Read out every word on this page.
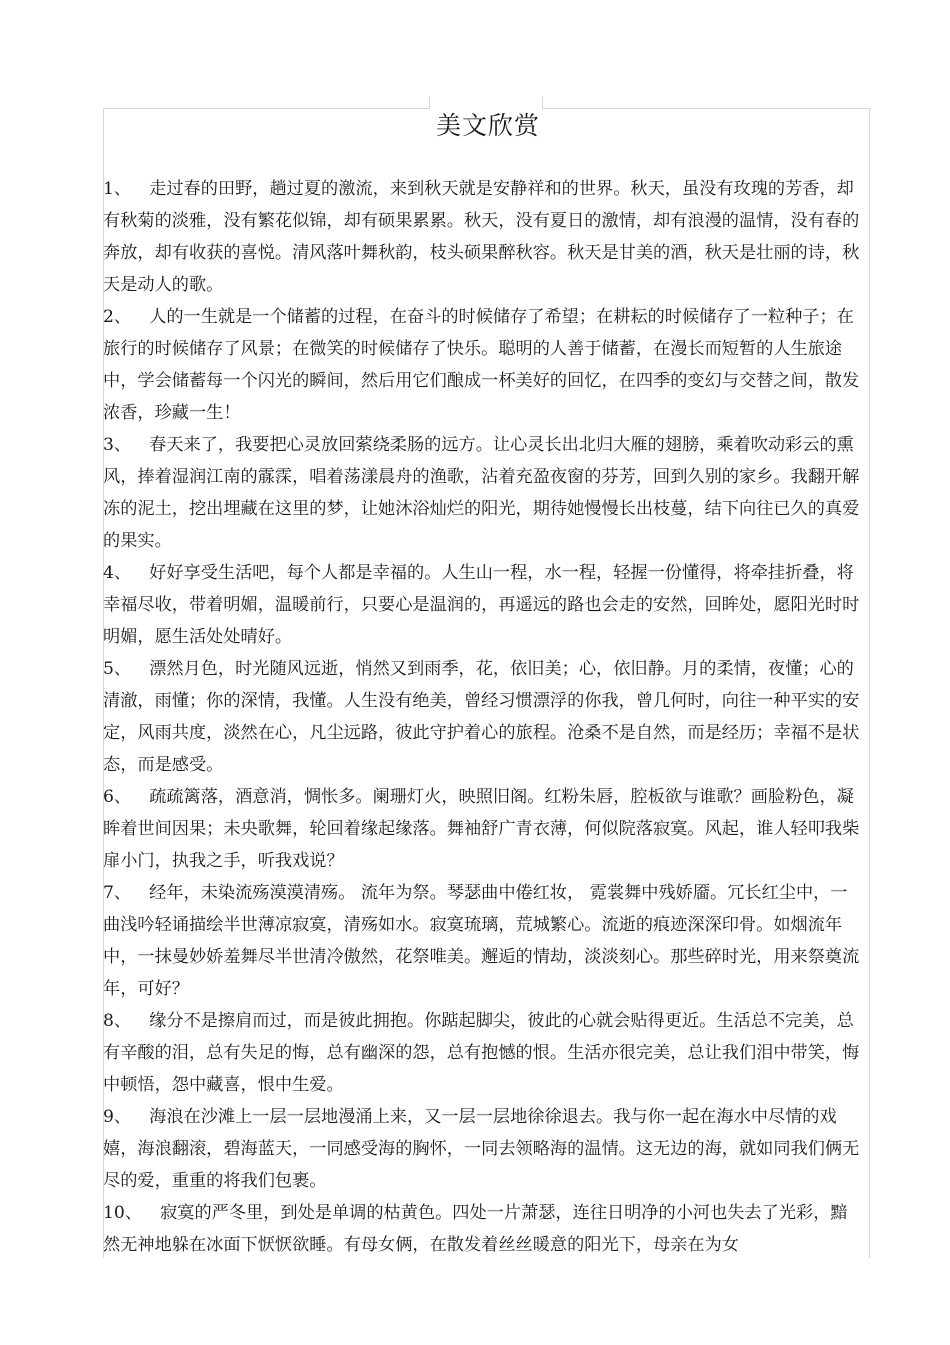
美文欣赏

1、 走过春的田野，趟过夏的激流，来到秋天就是安静祥和的世界。秋天，虽没有玫瑰的芳香，却有秋菊的淡雅，没有繁花似锦，却有硕果累累。秋天，没有夏日的激情，却有浪漫的温情，没有春的奔放，却有收获的喜悦。清风落叶舞秋韵，枝头硕果醉秋容。秋天是甘美的酒，秋天是壮丽的诗，秋天是动人的歌。

2、 人的一生就是一个储蓄的过程，在奋斗的时候储存了希望；在耕耘的时候储存了一粒种子；在旅行的时候储存了风景；在微笑的时候储存了快乐。聪明的人善于储蓄，在漫长而短暂的人生旅途中，学会储蓄每一个闪光的瞬间，然后用它们酿成一杯美好的回忆，在四季的变幻与交替之间，散发浓香，珍藏一生！

3、 春天来了，我要把心灵放回萦绕柔肠的远方。让心灵长出北归大雁的翅膀，乘着吹动彩云的熏风，捧着湿润江南的霡霂，唱着荡漾晨舟的渔歌，沾着充盈夜窗的芬芳，回到久别的家乡。我翻开解冻的泥土，挖出埋藏在这里的梦，让她沐浴灿烂的阳光，期待她慢慢长出枝蔓，结下向往已久的真爱的果实。

4、 好好享受生活吧，每个人都是幸福的。人生山一程，水一程，轻握一份懂得，将牵挂折叠，将幸福尽收，带着明媚，温暖前行，只要心是温润的，再遥远的路也会走的安然，回眸处，愿阳光时时明媚，愿生活处处晴好。

5、 漂然月色，时光随风远逝，悄然又到雨季，花，依旧美；心，依旧静。月的柔情，夜懂；心的清澈，雨懂；你的深情，我懂。人生没有绝美，曾经习惯漂浮的你我，曾几何时，向往一种平实的安定，风雨共度，淡然在心，凡尘远路，彼此守护着心的旅程。沧桑不是自然，而是经历；幸福不是状态，而是感受。

6、 疏疏篱落，酒意消，惆怅多。阑珊灯火，映照旧阁。红粉朱唇，腔板欲与谁歌？画脸粉色，凝眸着世间因果；未央歌舞，轮回着缘起缘落。舞袖舒广青衣薄，何似院落寂寞。风起，谁人轻叩我柴扉小门，执我之手，听我戏说？

7、 经年，未染流殇漠漠清殇。 流年为祭。琴瑟曲中倦红妆， 霓裳舞中残娇靥。冗长红尘中，一曲浅吟轻诵描绘半世薄凉寂寞，清殇如水。寂寞琉璃，荒城繁心。流逝的痕迹深深印骨。如烟流年中，一抹曼妙娇羞舞尽半世清冷傲然，花祭唯美。邂逅的情劫，淡淡刻心。那些碎时光，用来祭奠流年，可好？

8、 缘分不是擦肩而过，而是彼此拥抱。你踮起脚尖，彼此的心就会贴得更近。生活总不完美，总有辛酸的泪，总有失足的悔，总有幽深的怨，总有抱憾的恨。生活亦很完美，总让我们泪中带笑，悔中顿悟，怨中藏喜，恨中生爱。

9、 海浪在沙滩上一层一层地漫涌上来，又一层一层地徐徐退去。我与你一起在海水中尽情的戏嬉，海浪翻滚，碧海蓝天，一同感受海的胸怀，一同去领略海的温情。这无边的海，就如同我们俩无尽的爱，重重的将我们包裹。

10、 寂寞的严冬里，到处是单调的枯黄色。四处一片萧瑟，连往日明净的小河也失去了光彩，黯然无神地躲在冰面下恹恹欲睡。有母女俩，在散发着丝丝暖意的阳光下，母亲在为女
